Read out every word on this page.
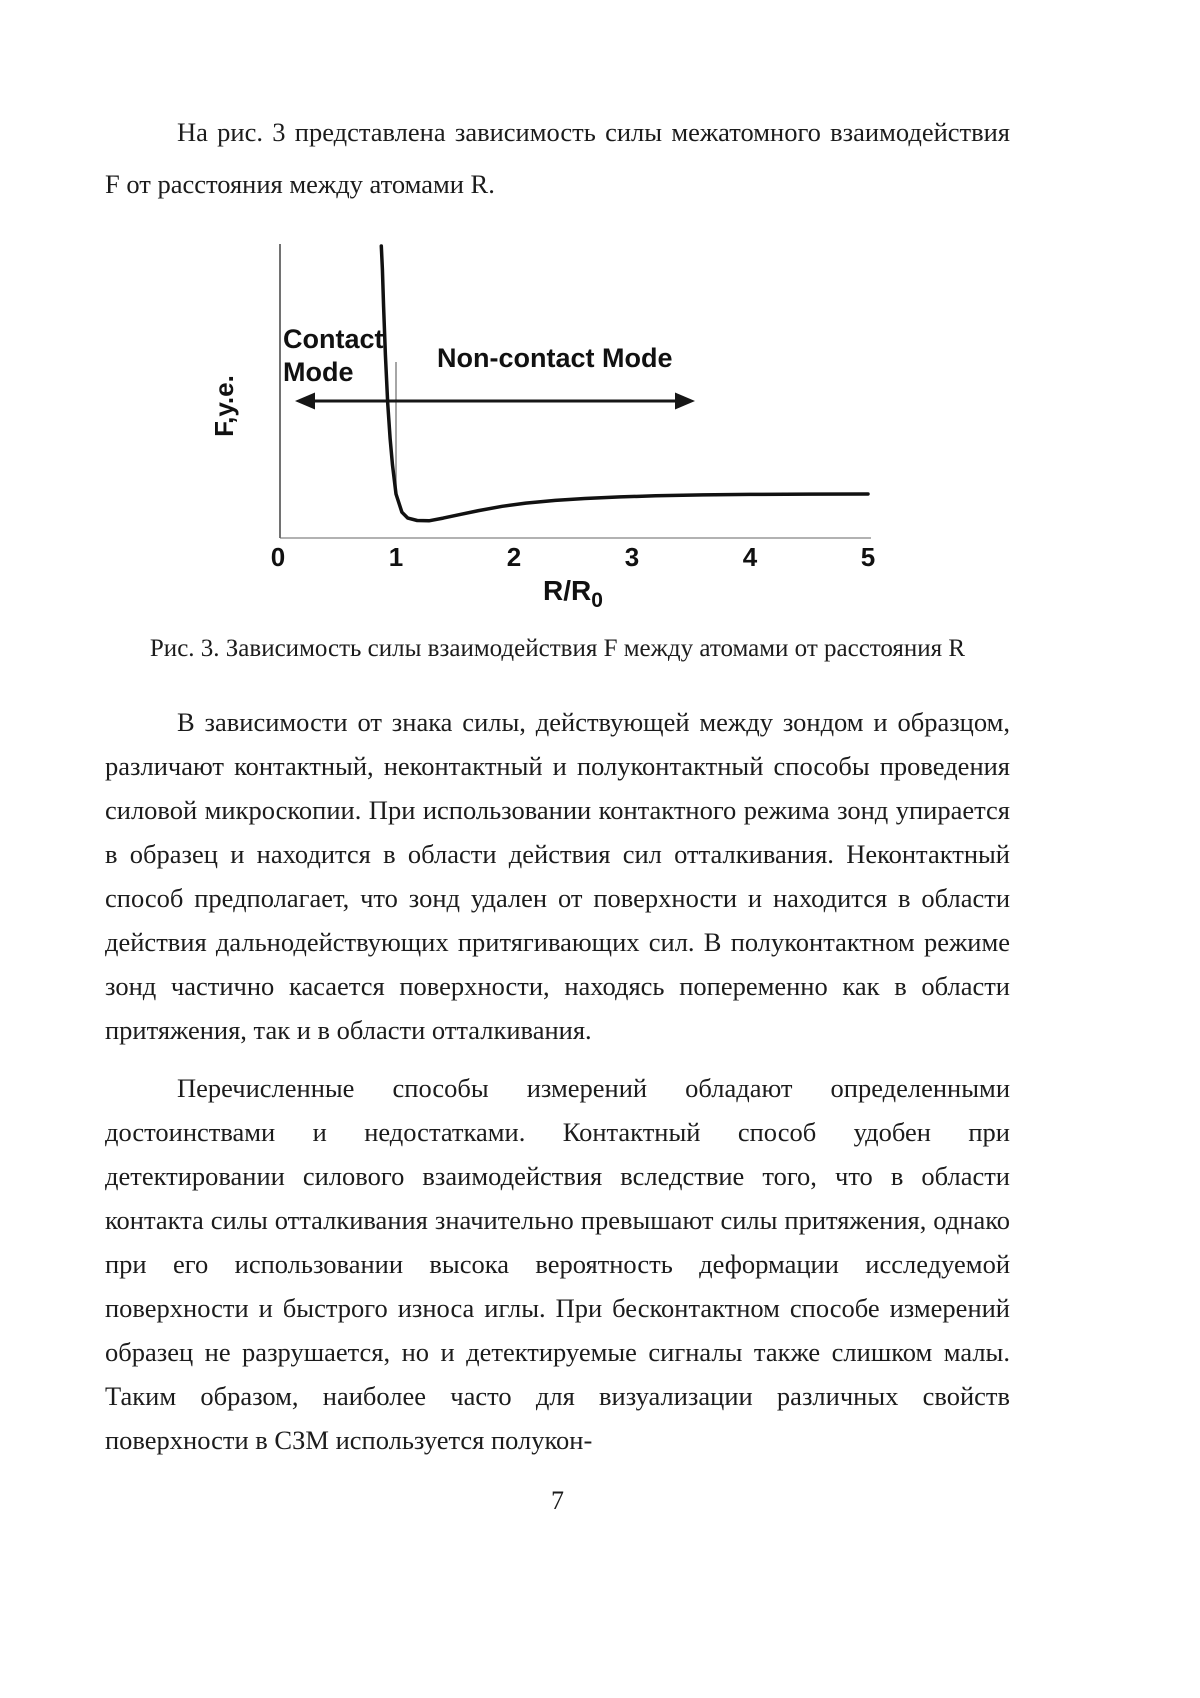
На рис. 3 представлена зависимость силы межатомного взаимодействия F от расстояния между атомами R.

Contact
Mode	Non-contact Mode
F,y.e.
0	1	2	3	4	5
$R/R_0$

Рис. 3. Зависимость силы взаимодействия F между атомами от расстояния R

В зависимости от знака силы, действующей между зондом и образцом, различают контактный, неконтактный и полуконтактный способы проведения силовой микроскопии. При использовании контактного режима зонд упирается в образец и находится в области действия сил отталкивания. Неконтактный способ предполагает, что зонд удален от поверхности и находится в области действия дальнодействующих притягивающих сил. В полуконтактном режиме зонд частично касается поверхности, находясь попеременно как в области притяжения, так и в области отталкивания.

Перечисленные способы измерений обладают определенными достоинствами и недостатками. Контактный способ удобен при детектировании силового взаимодействия вследствие того, что в области контакта силы отталкивания значительно превышают силы притяжения, однако при его использовании высока вероятность деформации исследуемой поверхности и быстрого износа иглы. При бесконтактном способе измерений образец не разрушается, но и детектируемые сигналы также слишком малы. Таким образом, наиболее часто для визуализации различных свойств поверхности в СЗМ используется полукон-

7
